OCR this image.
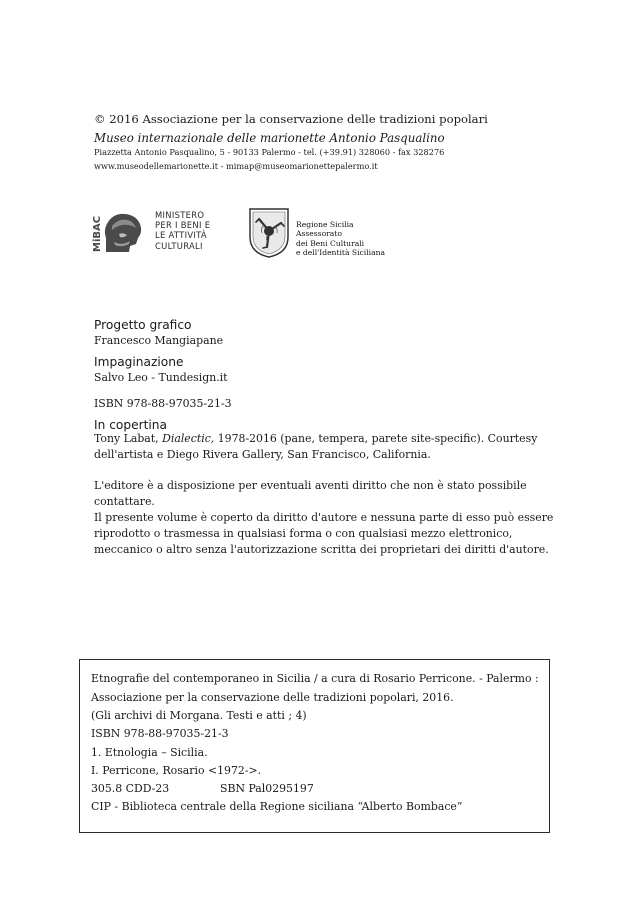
© 2016 Associazione per la conservazione delle tradizioni popolari
Museo internazionale delle marionette Antonio Pasqualino
Piazzetta Antonio Pasqualino, 5 - 90133 Palermo - tel. (+39.91) 328060 - fax 328276
www.museodellemarionette.it - mimap@museomarionettepalermo.it
MiBAC
MINISTERO
PER I BENI E
LE ATTIVITÀ
CULTURALI
Regione Sicilia
Assessorato
dei Beni Culturali
e dell'Identità Siciliana
Progetto grafico
Francesco Mangiapane
Impaginazione
Salvo Leo - Tundesign.it
ISBN 978-88-97035-21-3
In copertina
Tony Labat, Dialectic, 1978-2016 (pane, tempera, parete site-specific). Courtesy
dell'artista e Diego Rivera Gallery, San Francisco, California.
L'editore è a disposizione per eventuali aventi diritto che non è stato possibile
contattare.
Il presente volume è coperto da diritto d'autore e nessuna parte di esso può essere
riprodotto o trasmessa in qualsiasi forma o con qualsiasi mezzo elettronico,
meccanico o altro senza l'autorizzazione scritta dei proprietari dei diritti d'autore.
Etnografie del contemporaneo in Sicilia / a cura di Rosario Perricone. - Palermo :
Associazione per la conservazione delle tradizioni popolari, 2016.
(Gli archivi di Morgana. Testi e atti ; 4)
ISBN 978-88-97035-21-3
1. Etnologia – Sicilia.
I. Perricone, Rosario <1972->.
305.8 CDD-23	SBN Pal0295197
CIP - Biblioteca centrale della Regione siciliana “Alberto Bombace”
